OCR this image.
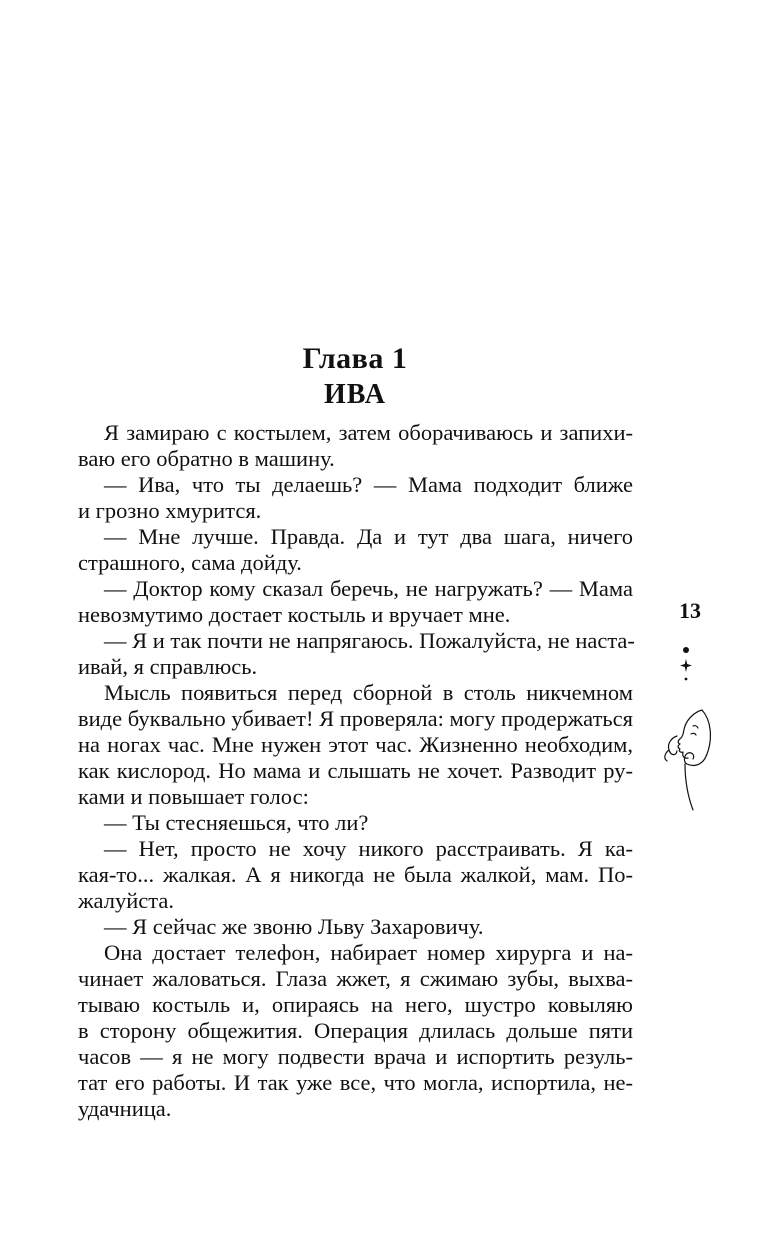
Глава 1
ИВА
Я замираю с костылем, затем оборачиваюсь и запихи-
ваю его обратно в машину.
— Ива, что ты делаешь? — Мама подходит ближе
и грозно хмурится.
— Мне лучше. Правда. Да и тут два шага, ничего
страшного, сама дойду.
— Доктор кому сказал беречь, не нагружать? — Мама
невозмутимо достает костыль и вручает мне.
— Я и так почти не напрягаюсь. Пожалуйста, не наста-
ивай, я справлюсь.
Мысль появиться перед сборной в столь никчемном
виде буквально убивает! Я проверяла: могу продержаться
на ногах час. Мне нужен этот час. Жизненно необходим,
как кислород. Но мама и слышать не хочет. Разводит ру-
ками и повышает голос:
— Ты стесняешься, что ли?
— Нет, просто не хочу никого расстраивать. Я ка-
кая-то... жалкая. А я никогда не была жалкой, мам. По-
жалуйста.
— Я сейчас же звоню Льву Захаровичу.
Она достает телефон, набирает номер хирурга и на-
чинает жаловаться. Глаза жжет, я сжимаю зубы, выхва-
тываю костыль и, опираясь на него, шустро ковыляю
в сторону общежития. Операция длилась дольше пяти
часов — я не могу подвести врача и испортить резуль-
тат его работы. И так уже все, что могла, испортила, не-
удачница.
13
